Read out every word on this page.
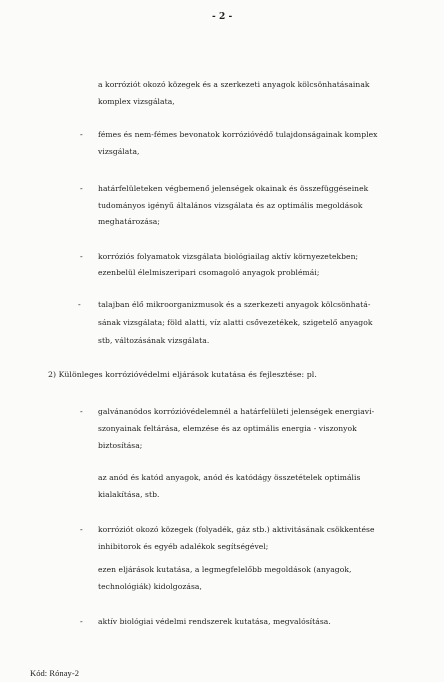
- 2 -
a korróziót okozó közegek és a szerkezeti anyagok kölcsönhatásainak
komplex vizsgálata,
- fémes és nem-fémes bevonatok korrózióvédő tulajdonságainak komplex
vizsgálata,
- határfelületeken végbemenő jelenségek okainak és összefüggéseinek
tudományos igényű általános vizsgálata és az optimális megoldások
meghatározása;
- korróziós folyamatok vizsgálata biológiailag aktív környezetekben;
ezenbelül élelmiszeripari csomagoló anyagok problémái;
- talajban élő mikroorganizmusok és a szerkezeti anyagok kölcsönhatá-
sának vizsgálata; föld alatti, víz alatti csővezetékek, szigetelő anyagok
stb, változásának vizsgálata.
2) Különleges korrózióvédelmi eljárások kutatása és fejlesztése: pl.
- galvánanódos korrózióvédelemnél a határfelületi jelenségek energiavi-
szonyainak feltárása, elemzése és az optimális energia - viszonyok
biztosítása;
az anód és katód anyagok, anód és katódágy összetételek optimális
kialakítása, stb.
- korróziót okozó közegek (folyadék, gáz stb.) aktivitásának csökkentése
inhibitorok és egyéb adalékok segítségével;
ezen eljárások kutatása, a legmegfelelőbb megoldások (anyagok,
technológiák) kidolgozása,
- aktív biológiai védelmi rendszerek kutatása, megvalósítása.
Kód: Rónay-2
